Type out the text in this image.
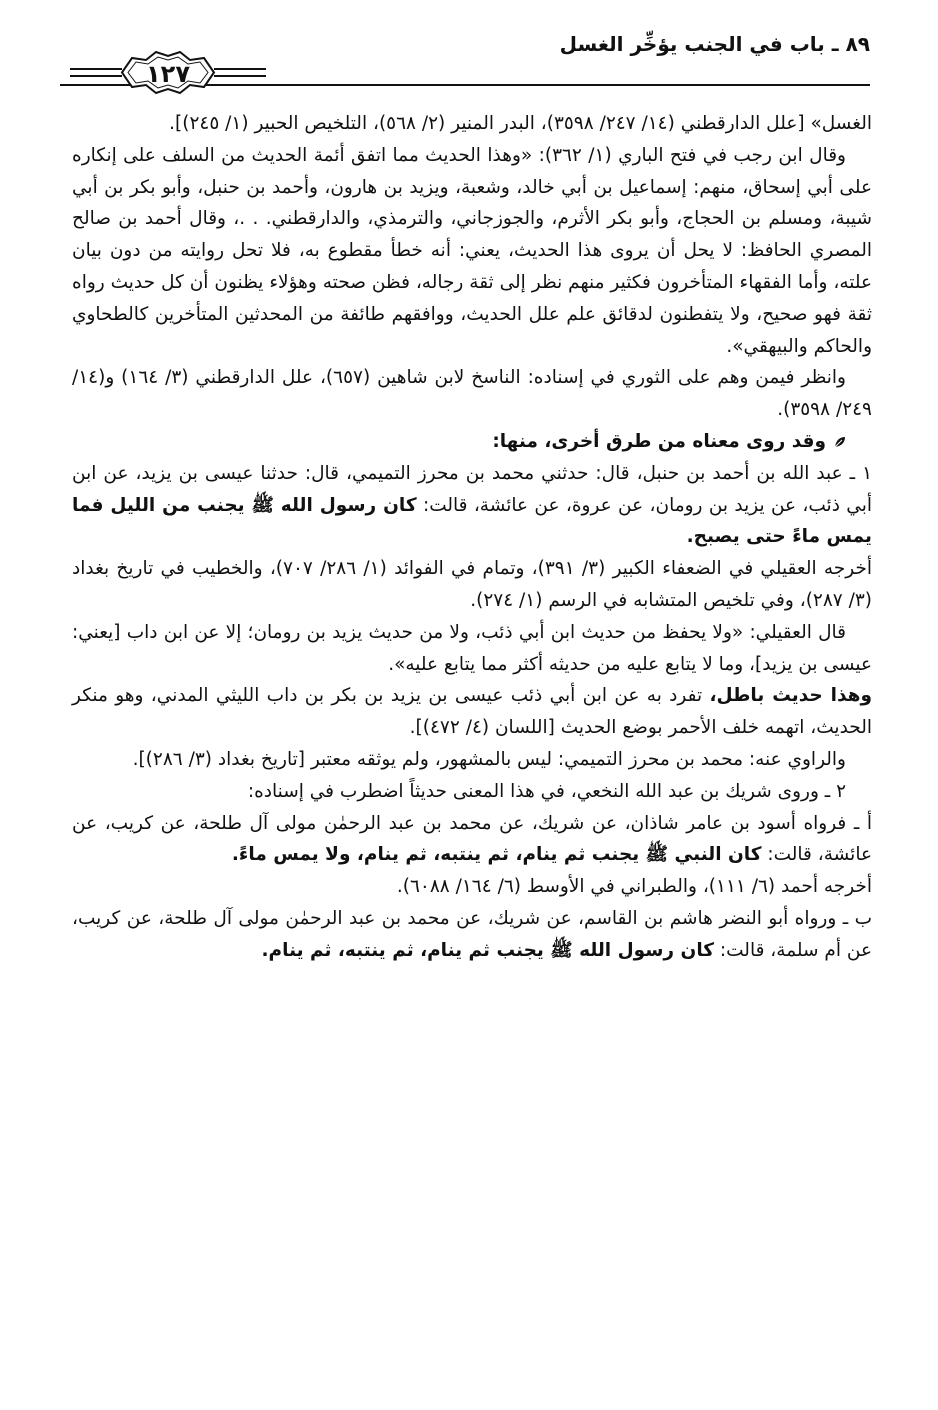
٨٩ ـ باب في الجنب يؤخِّر الغسل
١٢٧

الغسل» [علل الدارقطني (١٤/ ٢٤٧/ ٣٥٩٨)، البدر المنير (٢/ ٥٦٨)، التلخيص الحبير (١/ ٢٤٥)].

وقال ابن رجب في فتح الباري (١/ ٣٦٢): «وهذا الحديث مما اتفق أئمة الحديث من السلف على إنكاره على أبي إسحاق، منهم: إسماعيل بن أبي خالد، وشعبة، ويزيد بن هارون، وأحمد بن حنبل، وأبو بكر بن أبي شيبة، ومسلم بن الحجاج، وأبو بكر الأثرم، والجوزجاني، والترمذي، والدارقطني. . .، وقال أحمد بن صالح المصري الحافظ: لا يحل أن يروى هذا الحديث، يعني: أنه خطأ مقطوع به، فلا تحل روايته من دون بيان علته، وأما الفقهاء المتأخرون فكثير منهم نظر إلى ثقة رجاله، فظن صحته وهؤلاء يظنون أن كل حديث رواه ثقة فهو صحيح، ولا يتفطنون لدقائق علم علل الحديث، ووافقهم طائفة من المحدثين المتأخرين كالطحاوي والحاكم والبيهقي».

وانظر فيمن وهم على الثوري في إسناده: الناسخ لابن شاهين (٦٥٧)، علل الدارقطني (٣/ ١٦٤) و(١٤/ ٢٤٩/ ٣٥٩٨).

وقد روى معناه من طرق أخرى، منها:

١ ـ عبد الله بن أحمد بن حنبل، قال: حدثني محمد بن محرز التميمي، قال: حدثنا عيسى بن يزيد، عن ابن أبي ذئب، عن يزيد بن رومان، عن عروة، عن عائشة، قالت: كان رسول الله ﷺ يجنب من الليل فما يمس ماءً حتى يصبح.

أخرجه العقيلي في الضعفاء الكبير (٣/ ٣٩١)، وتمام في الفوائد (١/ ٢٨٦/ ٧٠٧)، والخطيب في تاريخ بغداد (٣/ ٢٨٧)، وفي تلخيص المتشابه في الرسم (١/ ٢٧٤).

قال العقيلي: «ولا يحفظ من حديث ابن أبي ذئب، ولا من حديث يزيد بن رومان؛ إلا عن ابن داب [يعني: عيسى بن يزيد]، وما لا يتابع عليه من حديثه أكثر مما يتابع عليه».

وهذا حديث باطل، تفرد به عن ابن أبي ذئب عيسى بن يزيد بن بكر بن داب الليثي المدني، وهو منكر الحديث، اتهمه خلف الأحمر بوضع الحديث [اللسان (٤/ ٤٧٢)].

والراوي عنه: محمد بن محرز التميمي: ليس بالمشهور، ولم يوثقه معتبر [تاريخ بغداد (٣/ ٢٨٦)].

٢ ـ وروى شريك بن عبد الله النخعي، في هذا المعنى حديثاً اضطرب في إسناده:

أ ـ فرواه أسود بن عامر شاذان، عن شريك، عن محمد بن عبد الرحمٰن مولى آل طلحة، عن كريب، عن عائشة، قالت: كان النبي ﷺ يجنب ثم ينام، ثم ينتبه، ثم ينام، ولا يمس ماءً.

أخرجه أحمد (٦/ ١١١)، والطبراني في الأوسط (٦/ ١٦٤/ ٦٠٨٨).

ب ـ ورواه أبو النضر هاشم بن القاسم، عن شريك، عن محمد بن عبد الرحمٰن مولى آل طلحة، عن كريب، عن أم سلمة، قالت: كان رسول الله ﷺ يجنب ثم ينام، ثم ينتبه، ثم ينام.
